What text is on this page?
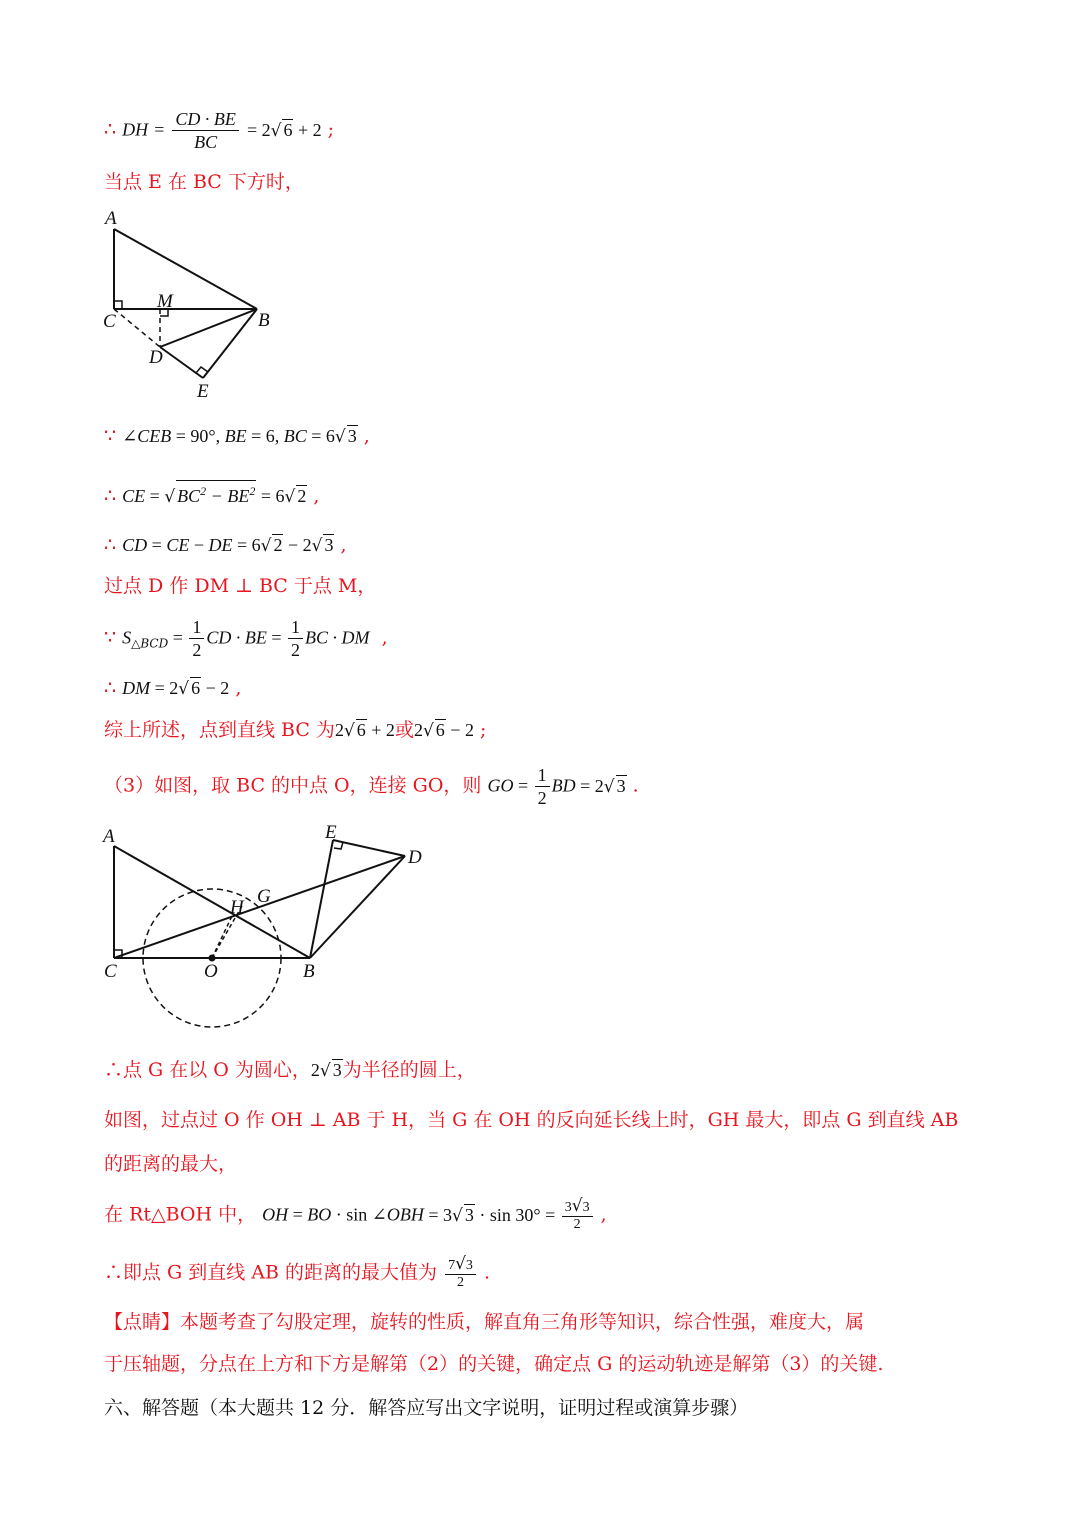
∴ DH = $\frac{CD \cdot BE}{BC} = 2√$ 6 + 2 ;
当点 E 在 BC 下方时，
A
M
C	B
D
E
∵ ∠CEB = 90°, BE = 6, BC = 6√ 3 ,
∴ CE = √ $BC^2 - BE^2 = 6√$ 2 ,
∴ CD = CE − DE = 6√ 2 − 2√ 3 ,
过点 D 作 DM ⊥ BC 于点 M，
∵ $S_{\triangle BCD} = \frac{1}{2}$ CD · BE = $\frac{1}{2}$ BC · DM  ,
∴ DM = 2√ 6 − 2 ,
综上所述，点到直线 BC 为2√ 6 + 2或2√ 6 − 2 ;
（3）如图，取 BC 的中点 O，连接 GO，则 GO = $\frac{1}{2}$ BD = 2√ 3 .
A	E
D
G
H
C	O	B
∴点 G 在以 O 为圆心，2√ 3为半径的圆上，
如图，过点过 O 作 OH ⊥ AB 于 H，当 G 在 OH 的反向延长线上时，GH 最大，即点 G 到直线 AB
的距离的最大，
在 Rt△BOH 中， OH = BO · sin ∠OBH = 3√ $3 \cdot \sin 30^\circ = \frac{3√3}{2}$ ,
∴即点 G 到直线 AB 的距离的最大值为 $\frac{7√3}{2}$ .
【点睛】本题考查了勾股定理，旋转的性质，解直角三角形等知识，综合性强，难度大，属
于压轴题，分点在上方和下方是解第（2）的关键，确定点 G 的运动轨迹是解第（3）的关键.
六、解答题（本大题共 12 分．解答应写出文字说明，证明过程或演算步骤）
